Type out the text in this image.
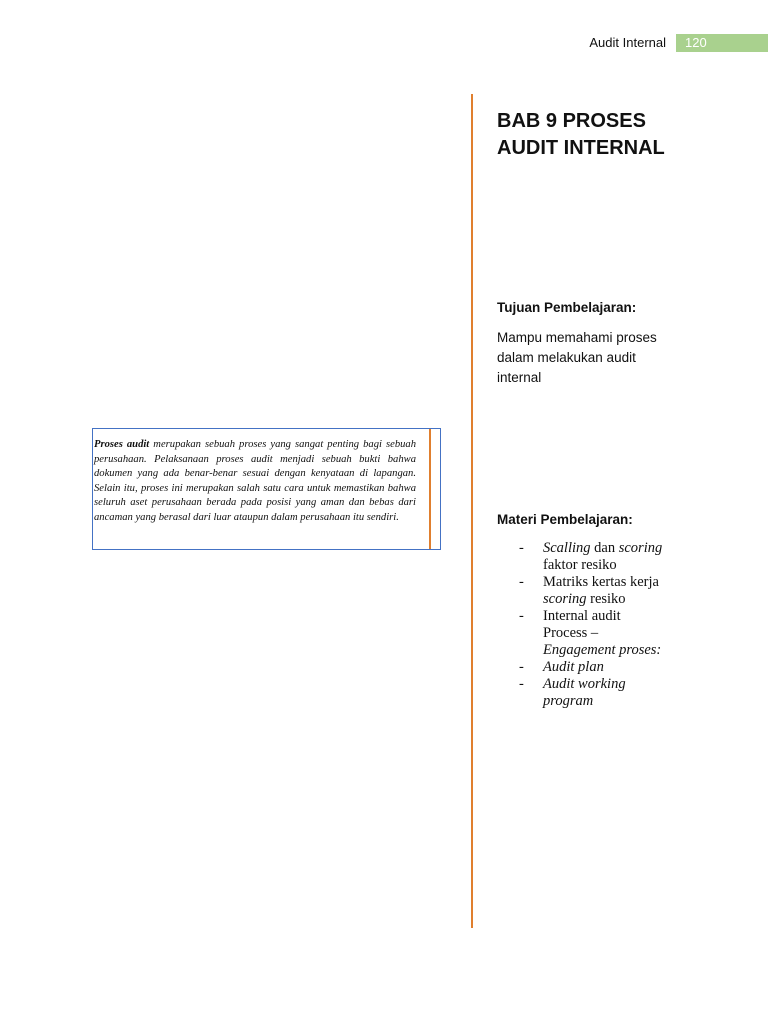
Audit Internal	120
BAB 9 PROSES
AUDIT INTERNAL
Tujuan Pembelajaran:
Mampu memahami proses
dalam melakukan audit
internal
Materi Pembelajaran:
- Scalling dan scoring
faktor resiko
- Matriks kertas kerja
scoring resiko
- Internal audit
Process –
Engagement proses:
- Audit plan
- Audit working
program
Proses audit merupakan sebuah proses yang sangat penting bagi sebuah perusahaan. Pelaksanaan proses audit menjadi sebuah bukti bahwa dokumen yang ada benar-benar sesuai dengan kenyataan di lapangan. Selain itu, proses ini merupakan salah satu cara untuk memastikan bahwa seluruh aset perusahaan berada pada posisi yang aman dan bebas dari ancaman yang berasal dari luar ataupun dalam perusahaan itu sendiri.
